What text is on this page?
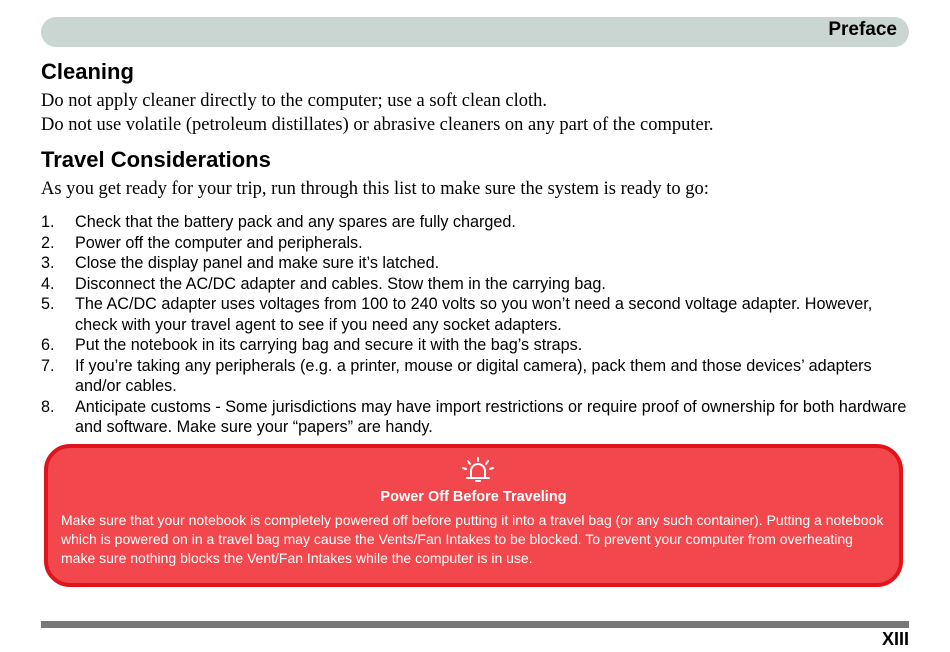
Preface
Cleaning

Do not apply cleaner directly to the computer; use a soft clean cloth.

Do not use volatile (petroleum distillates) or abrasive cleaners on any part of the computer.

Travel Considerations

As you get ready for your trip, run through this list to make sure the system is ready to go:

1. Check that the battery pack and any spares are fully charged.
2. Power off the computer and peripherals.
3. Close the display panel and make sure it’s latched.
4. Disconnect the AC/DC adapter and cables. Stow them in the carrying bag.
5. The AC/DC adapter uses voltages from 100 to 240 volts so you won’t need a second voltage adapter. However, check with your travel agent to see if you need any socket adapters.
6. Put the notebook in its carrying bag and secure it with the bag’s straps.
7. If you’re taking any peripherals (e.g. a printer, mouse or digital camera), pack them and those devices’ adapters and/or cables.
8. Anticipate customs - Some jurisdictions may have import restrictions or require proof of ownership for both hardware and software. Make sure your “papers” are handy.
Power Off Before Traveling

Make sure that your notebook is completely powered off before putting it into a travel bag (or any such container). Putting a notebook which is powered on in a travel bag may cause the Vents/Fan Intakes to be blocked. To prevent your computer from overheating make sure nothing blocks the Vent/Fan Intakes while the computer is in use.

XIII
